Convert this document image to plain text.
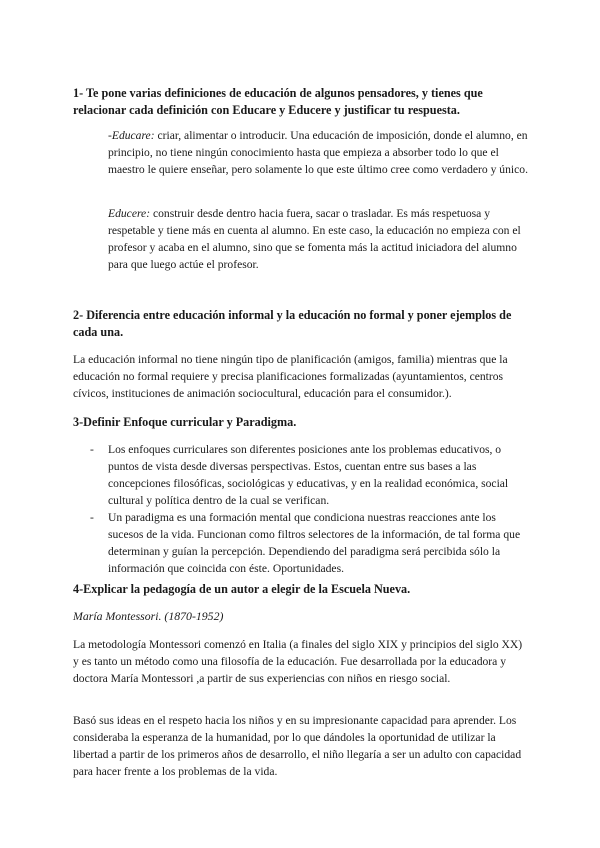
1- Te pone varias definiciones de educación de algunos pensadores, y tienes que relacionar cada definición con Educare y Educere y justificar tu respuesta.

-Educare: criar, alimentar o introducir. Una educación de imposición, donde el alumno, en principio, no tiene ningún conocimiento hasta que empieza a absorber todo lo que el maestro le quiere enseñar, pero solamente lo que este último cree como verdadero y único.

Educere: construir desde dentro hacia fuera, sacar o trasladar. Es más respetuosa y respetable y tiene más en cuenta al alumno. En este caso, la educación no empieza con el profesor y acaba en el alumno, sino que se fomenta más la actitud iniciadora del alumno para que luego actúe el profesor.

2- Diferencia entre educación informal y la educación no formal y poner ejemplos de cada una.

La educación informal no tiene ningún tipo de planificación (amigos, familia) mientras que la educación no formal requiere y precisa planificaciones formalizadas (ayuntamientos, centros cívicos, instituciones de animación sociocultural, educación para el consumidor.).

3-Definir Enfoque curricular y Paradigma.

- Los enfoques curriculares son diferentes posiciones ante los problemas educativos, o puntos de vista desde diversas perspectivas. Estos, cuentan entre sus bases a las concepciones filosóficas, sociológicas y educativas, y en la realidad económica, social cultural y política dentro de la cual se verifican.
- Un paradigma es una formación mental que condiciona nuestras reacciones ante los sucesos de la vida. Funcionan como filtros selectores de la información, de tal forma que determinan y guían la percepción. Dependiendo del paradigma será percibida sólo la información que coincida con éste. Oportunidades.

4-Explicar la pedagogía de un autor a elegir de la Escuela Nueva.

María Montessori. (1870-1952)

La metodología Montessori comenzó en Italia (a finales del siglo XIX y principios del siglo XX) y es tanto un método como una filosofía de la educación. Fue desarrollada por la educadora y doctora María Montessori ,a partir de sus experiencias con niños en riesgo social.

Basó sus ideas en el respeto hacia los niños y en su impresionante capacidad para aprender. Los consideraba la esperanza de la humanidad, por lo que dándoles la oportunidad de utilizar la libertad a partir de los primeros años de desarrollo, el niño llegaría a ser un adulto con capacidad para hacer frente a los problemas de la vida.
